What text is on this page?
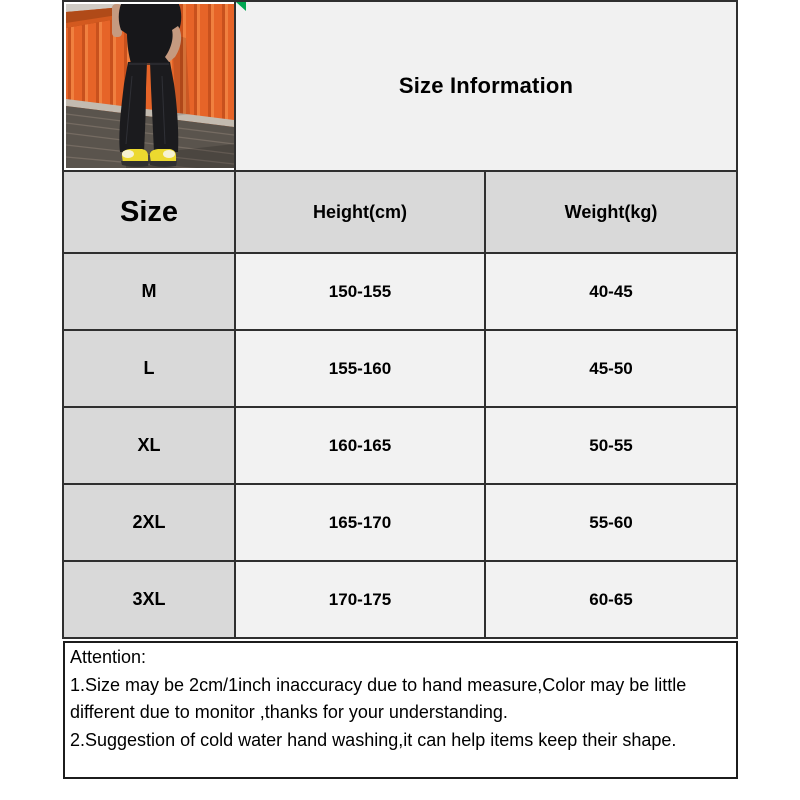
Size Information	
Size	Height(cm)	Weight(kg)
M	150-155	40-45
L	155-160	45-50
XL	160-165	50-55
2XL	165-170	55-60
3XL	170-175	60-65

Attention:

1.Size may be 2cm/1inch inaccuracy due to hand measure,Color may be little different due to monitor ,thanks for your understanding.

2.Suggestion of cold water hand washing,it can help items keep their shape.
